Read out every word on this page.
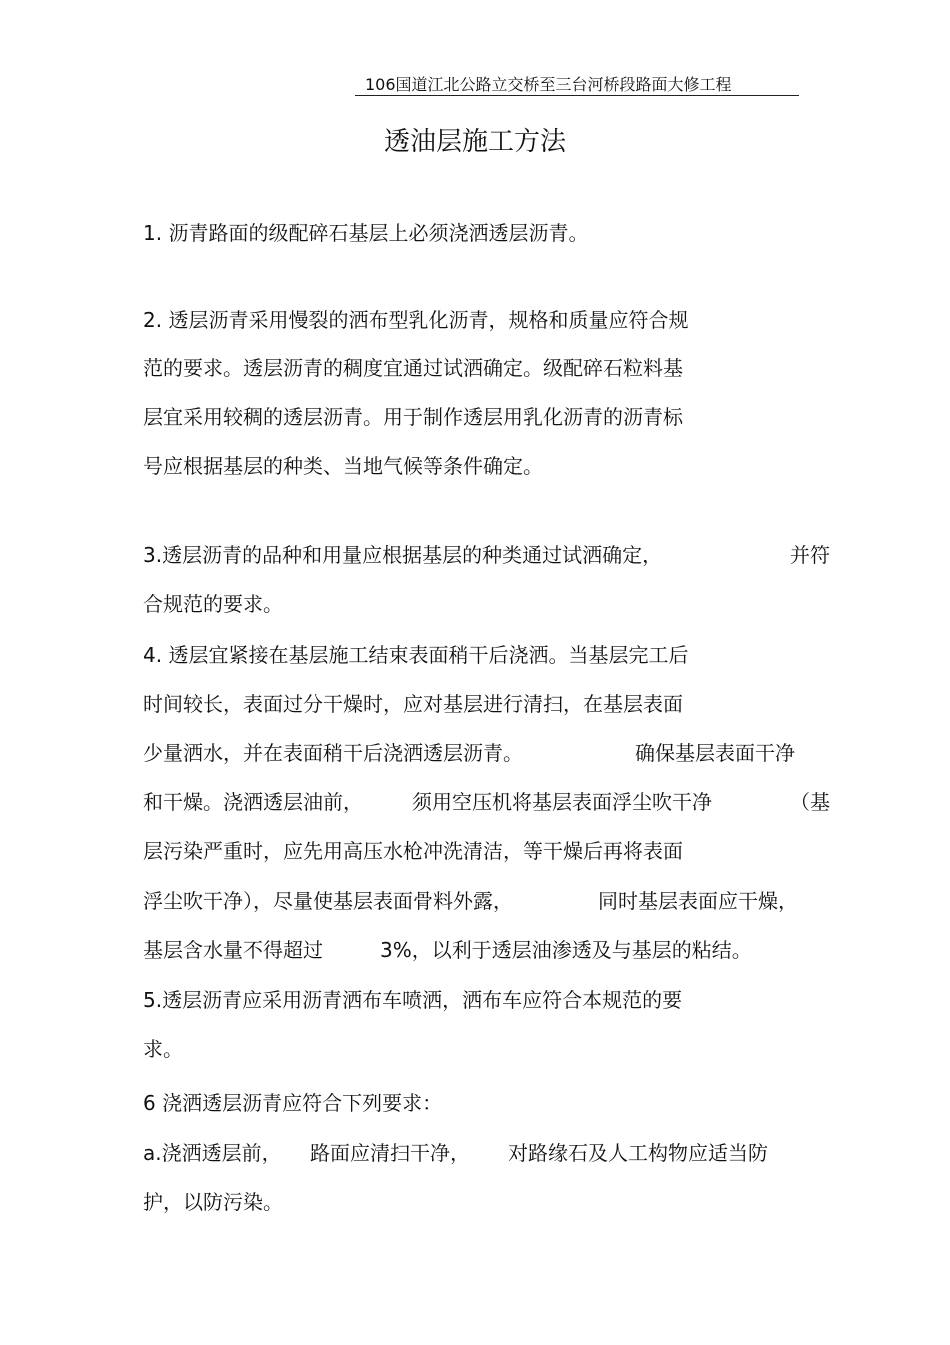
106国道江北公路立交桥至三台河桥段路面大修工程
透油层施工方法
1. 沥青路面的级配碎石基层上必须浇洒透层沥青。
2. 透层沥青采用慢裂的洒布型乳化沥青，规格和质量应符合规
范的要求。透层沥青的稠度宜通过试洒确定。级配碎石粒料基
层宜采用较稠的透层沥青。用于制作透层用乳化沥青的沥青标
号应根据基层的种类、当地气候等条件确定。
3.透层沥青的品种和用量应根据基层的种类通过试洒确定，	并符
合规范的要求。
4. 透层宜紧接在基层施工结束表面稍干后浇洒。当基层完工后
时间较长，表面过分干燥时，应对基层进行清扫，在基层表面
少量洒水，并在表面稍干后浇洒透层沥青。	确保基层表面干净
和干燥。浇洒透层油前， 须用空压机将基层表面浮尘吹干净	（基
层污染严重时，应先用高压水枪冲洗清洁，等干燥后再将表面
浮尘吹干净），尽量使基层表面骨料外露，	同时基层表面应干燥，
基层含水量不得超过	3%，以利于透层油渗透及与基层的粘结。
5.透层沥青应采用沥青洒布车喷洒，洒布车应符合本规范的要
求。
6 浇洒透层沥青应符合下列要求：
a.浇洒透层前， 路面应清扫干净， 对路缘石及人工构物应适当防
护，以防污染。
